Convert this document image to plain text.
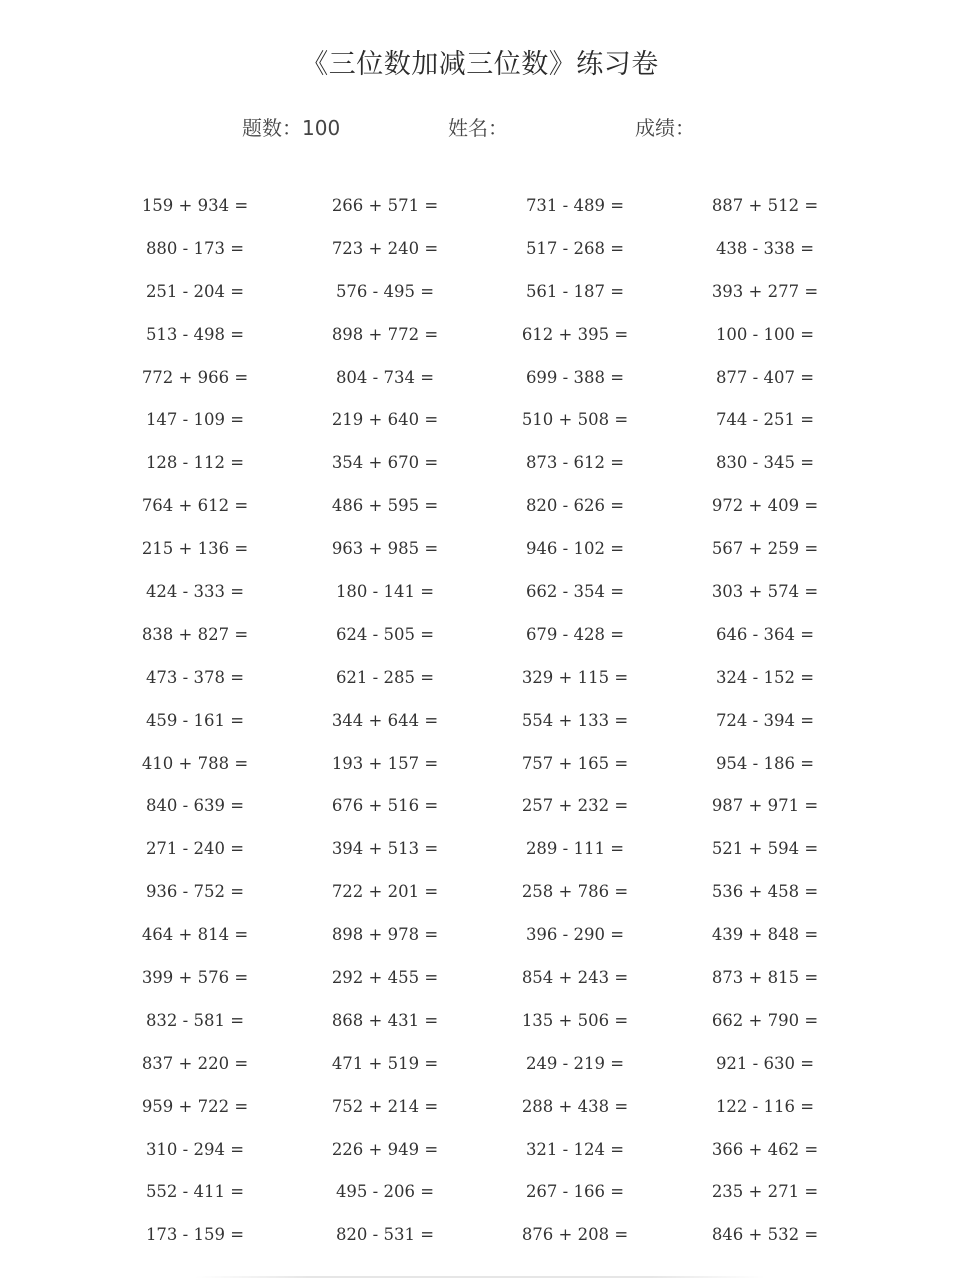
《三位数加减三位数》练习卷
题数：100	姓名：	成绩：
159 + 934 =	266 + 571 =	731 - 489 =	887 + 512 =
880 - 173 =	723 + 240 =	517 - 268 =	438 - 338 =
251 - 204 =	576 - 495 =	561 - 187 =	393 + 277 =
513 - 498 =	898 + 772 =	612 + 395 =	100 - 100 =
772 + 966 =	804 - 734 =	699 - 388 =	877 - 407 =
147 - 109 =	219 + 640 =	510 + 508 =	744 - 251 =
128 - 112 =	354 + 670 =	873 - 612 =	830 - 345 =
764 + 612 =	486 + 595 =	820 - 626 =	972 + 409 =
215 + 136 =	963 + 985 =	946 - 102 =	567 + 259 =
424 - 333 =	180 - 141 =	662 - 354 =	303 + 574 =
838 + 827 =	624 - 505 =	679 - 428 =	646 - 364 =
473 - 378 =	621 - 285 =	329 + 115 =	324 - 152 =
459 - 161 =	344 + 644 =	554 + 133 =	724 - 394 =
410 + 788 =	193 + 157 =	757 + 165 =	954 - 186 =
840 - 639 =	676 + 516 =	257 + 232 =	987 + 971 =
271 - 240 =	394 + 513 =	289 - 111 =	521 + 594 =
936 - 752 =	722 + 201 =	258 + 786 =	536 + 458 =
464 + 814 =	898 + 978 =	396 - 290 =	439 + 848 =
399 + 576 =	292 + 455 =	854 + 243 =	873 + 815 =
832 - 581 =	868 + 431 =	135 + 506 =	662 + 790 =
837 + 220 =	471 + 519 =	249 - 219 =	921 - 630 =
959 + 722 =	752 + 214 =	288 + 438 =	122 - 116 =
310 - 294 =	226 + 949 =	321 - 124 =	366 + 462 =
552 - 411 =	495 - 206 =	267 - 166 =	235 + 271 =
173 - 159 =	820 - 531 =	876 + 208 =	846 + 532 =
